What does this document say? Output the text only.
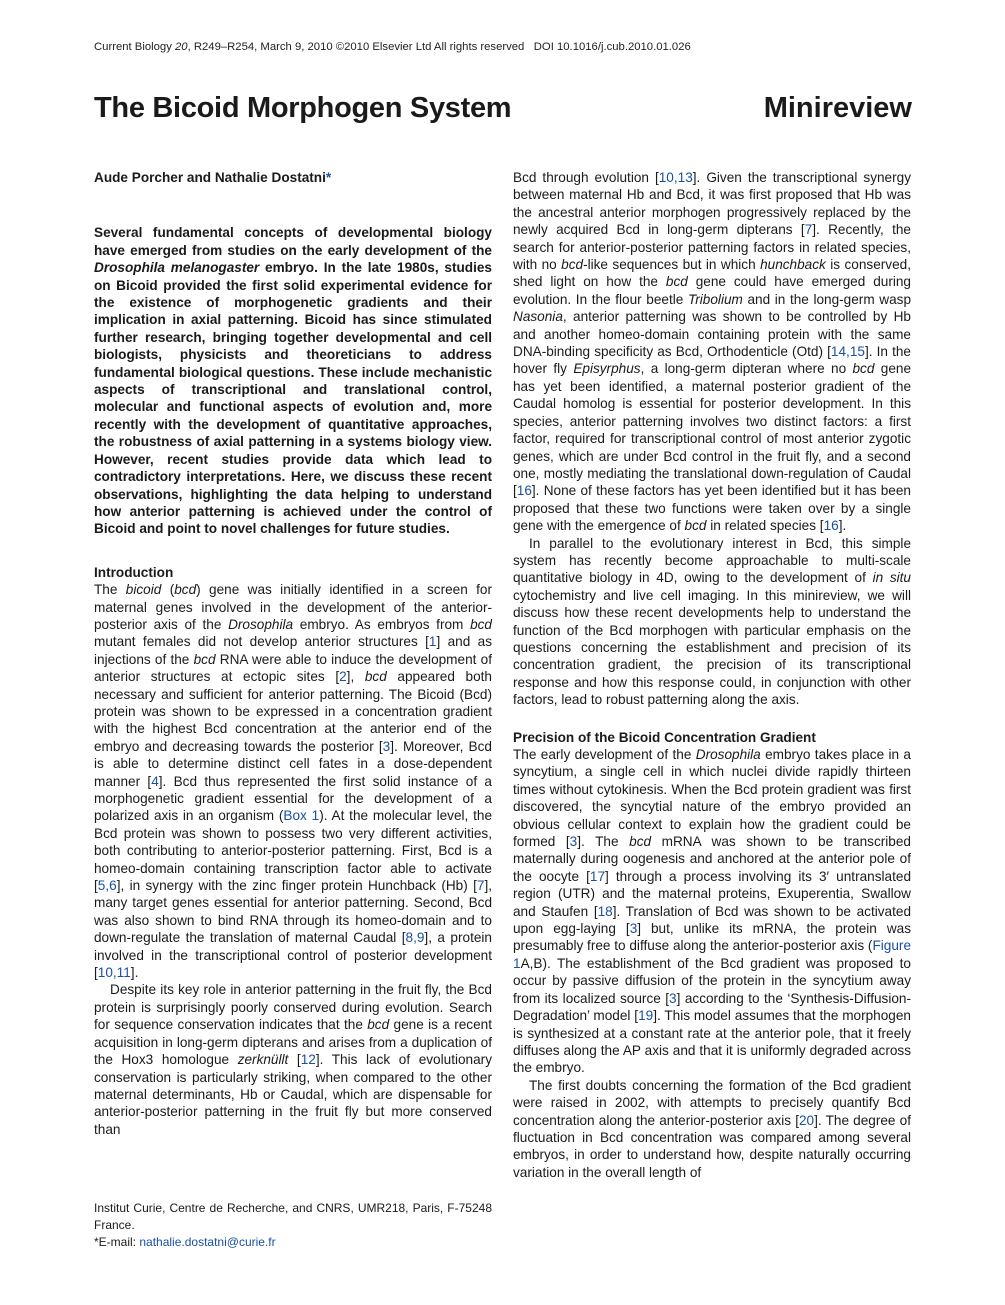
Current Biology 20, R249–R254, March 9, 2010 ©2010 Elsevier Ltd All rights reserved DOI 10.1016/j.cub.2010.01.026
The Bicoid Morphogen System	Minireview

Aude Porcher and Nathalie Dostatni*

Several fundamental concepts of developmental biology have emerged from studies on the early development of the Drosophila melanogaster embryo. In the late 1980s, studies on Bicoid provided the first solid experimental evidence for the existence of morphogenetic gradients and their implication in axial patterning. Bicoid has since stimulated further research, bringing together developmental and cell biologists, physicists and theoreticians to address fundamental biological questions. These include mechanistic aspects of transcriptional and translational control, molecular and functional aspects of evolution and, more recently with the development of quantitative approaches, the robustness of axial patterning in a systems biology view. However, recent studies provide data which lead to contradictory interpretations. Here, we discuss these recent observations, highlighting the data helping to understand how anterior patterning is achieved under the control of Bicoid and point to novel challenges for future studies.

Introduction

The bicoid (bcd) gene was initially identified in a screen for maternal genes involved in the development of the anterior-posterior axis of the Drosophila embryo. As embryos from bcd mutant females did not develop anterior structures [1] and as injections of the bcd RNA were able to induce the development of anterior structures at ectopic sites [2], bcd appeared both necessary and sufficient for anterior patterning. The Bicoid (Bcd) protein was shown to be expressed in a concentration gradient with the highest Bcd concentration at the anterior end of the embryo and decreasing towards the posterior [3]. Moreover, Bcd is able to determine distinct cell fates in a dose-dependent manner [4]. Bcd thus represented the first solid instance of a morphogenetic gradient essential for the development of a polarized axis in an organism (Box 1). At the molecular level, the Bcd protein was shown to possess two very different activities, both contributing to anterior-posterior patterning. First, Bcd is a homeo-domain containing transcription factor able to activate [5,6], in synergy with the zinc finger protein Hunchback (Hb) [7], many target genes essential for anterior patterning. Second, Bcd was also shown to bind RNA through its homeo-domain and to down-regulate the translation of maternal Caudal [8,9], a protein involved in the transcriptional control of posterior development [10,11].

Despite its key role in anterior patterning in the fruit fly, the Bcd protein is surprisingly poorly conserved during evolution. Search for sequence conservation indicates that the bcd gene is a recent acquisition in long-germ dipterans and arises from a duplication of the Hox3 homologue zerknüllt [12]. This lack of evolutionary conservation is particularly striking, when compared to the other maternal determinants, Hb or Caudal, which are dispensable for anterior-posterior patterning in the fruit fly but more conserved than

Institut Curie, Centre de Recherche, and CNRS, UMR218, Paris, F-75248 France.
*E-mail: nathalie.dostatni@curie.fr

Bcd through evolution [10,13]. Given the transcriptional synergy between maternal Hb and Bcd, it was first proposed that Hb was the ancestral anterior morphogen progressively replaced by the newly acquired Bcd in long-germ dipterans [7]. Recently, the search for anterior-posterior patterning factors in related species, with no bcd-like sequences but in which hunchback is conserved, shed light on how the bcd gene could have emerged during evolution. In the flour beetle Tribolium and in the long-germ wasp Nasonia, anterior patterning was shown to be controlled by Hb and another homeo-domain containing protein with the same DNA-binding specificity as Bcd, Orthodenticle (Otd) [14,15]. In the hover fly Episyrphus, a long-germ dipteran where no bcd gene has yet been identified, a maternal posterior gradient of the Caudal homolog is essential for posterior development. In this species, anterior patterning involves two distinct factors: a first factor, required for transcriptional control of most anterior zygotic genes, which are under Bcd control in the fruit fly, and a second one, mostly mediating the translational down-regulation of Caudal [16]. None of these factors has yet been identified but it has been proposed that these two functions were taken over by a single gene with the emergence of bcd in related species [16].

In parallel to the evolutionary interest in Bcd, this simple system has recently become approachable to multi-scale quantitative biology in 4D, owing to the development of in situ cytochemistry and live cell imaging. In this minireview, we will discuss how these recent developments help to understand the function of the Bcd morphogen with particular emphasis on the questions concerning the establishment and precision of its concentration gradient, the precision of its transcriptional response and how this response could, in conjunction with other factors, lead to robust patterning along the axis.

Precision of the Bicoid Concentration Gradient

The early development of the Drosophila embryo takes place in a syncytium, a single cell in which nuclei divide rapidly thirteen times without cytokinesis. When the Bcd protein gradient was first discovered, the syncytial nature of the embryo provided an obvious cellular context to explain how the gradient could be formed [3]. The bcd mRNA was shown to be transcribed maternally during oogenesis and anchored at the anterior pole of the oocyte [17] through a process involving its 3′ untranslated region (UTR) and the maternal proteins, Exuperentia, Swallow and Staufen [18]. Translation of Bcd was shown to be activated upon egg-laying [3] but, unlike its mRNA, the protein was presumably free to diffuse along the anterior-posterior axis (Figure 1A,B). The establishment of the Bcd gradient was proposed to occur by passive diffusion of the protein in the syncytium away from its localized source [3] according to the ‘Synthesis-Diffusion-Degradation’ model [19]. This model assumes that the morphogen is synthesized at a constant rate at the anterior pole, that it freely diffuses along the AP axis and that it is uniformly degraded across the embryo.

The first doubts concerning the formation of the Bcd gradient were raised in 2002, with attempts to precisely quantify Bcd concentration along the anterior-posterior axis [20]. The degree of fluctuation in Bcd concentration was compared among several embryos, in order to understand how, despite naturally occurring variation in the overall length of
